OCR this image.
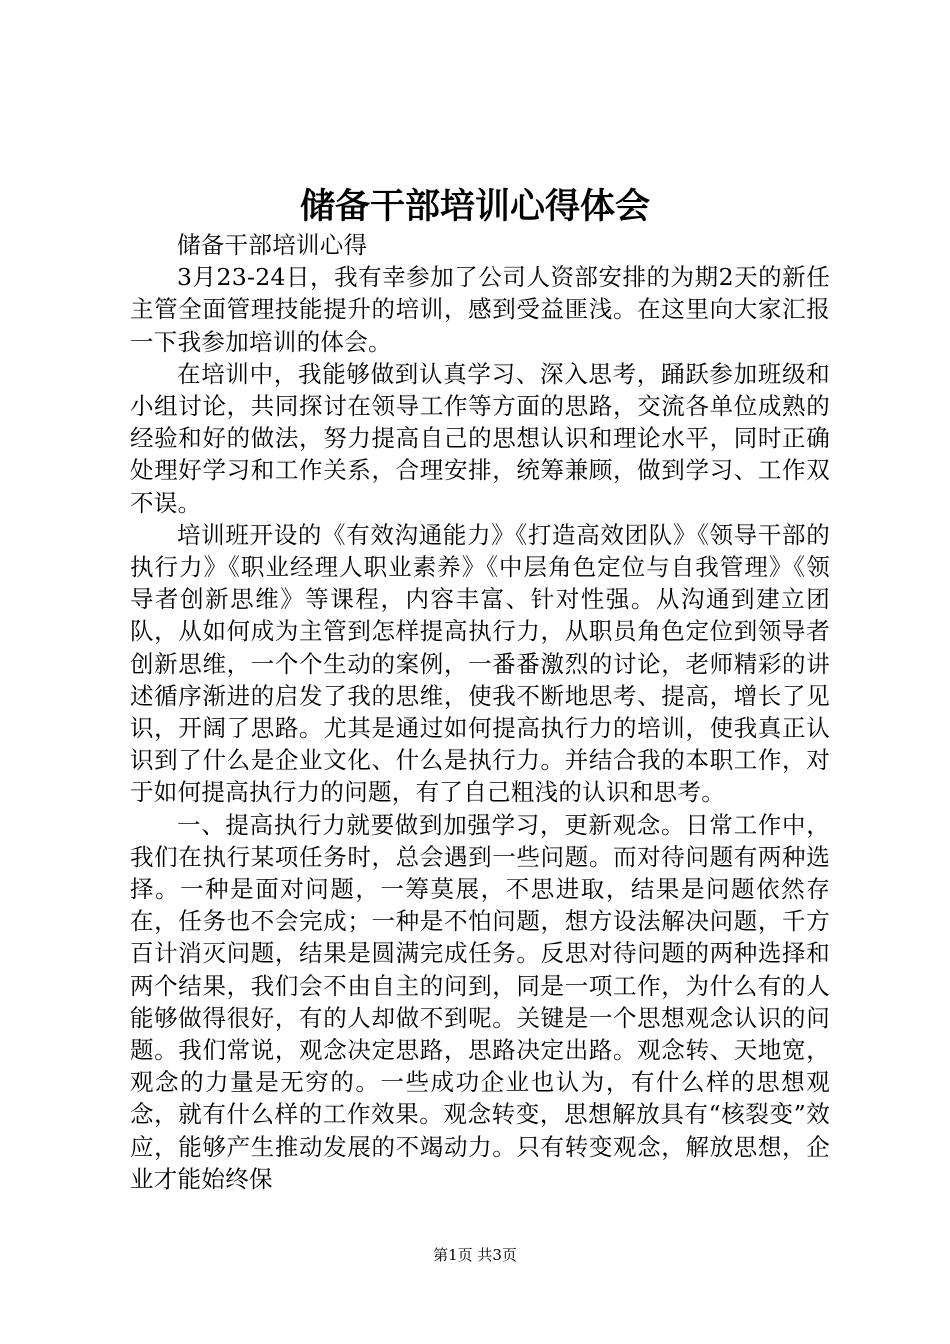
储备干部培训心得体会

储备干部培训心得

3月23-24日，我有幸参加了公司人资部安排的为期2天的新任主管全面管理技能提升的培训，感到受益匪浅。在这里向大家汇报一下我参加培训的体会。

在培训中，我能够做到认真学习、深入思考，踊跃参加班级和小组讨论，共同探讨在领导工作等方面的思路，交流各单位成熟的经验和好的做法，努力提高自己的思想认识和理论水平，同时正确处理好学习和工作关系，合理安排，统筹兼顾，做到学习、工作双不误。

培训班开设的《有效沟通能力》《打造高效团队》《领导干部的执行力》《职业经理人职业素养》《中层角色定位与自我管理》《领导者创新思维》等课程，内容丰富、针对性强。从沟通到建立团队，从如何成为主管到怎样提高执行力，从职员角色定位到领导者创新思维，一个个生动的案例，一番番激烈的讨论，老师精彩的讲述循序渐进的启发了我的思维，使我不断地思考、提高，增长了见识，开阔了思路。尤其是通过如何提高执行力的培训，使我真正认识到了什么是企业文化、什么是执行力。并结合我的本职工作，对于如何提高执行力的问题，有了自己粗浅的认识和思考。

一、提高执行力就要做到加强学习，更新观念。日常工作中，我们在执行某项任务时，总会遇到一些问题。而对待问题有两种选择。一种是面对问题，一筹莫展，不思进取，结果是问题依然存在，任务也不会完成；一种是不怕问题，想方设法解决问题，千方百计消灭问题，结果是圆满完成任务。反思对待问题的两种选择和两个结果，我们会不由自主的问到，同是一项工作，为什么有的人能够做得很好，有的人却做不到呢。关键是一个思想观念认识的问题。我们常说，观念决定思路，思路决定出路。观念转、天地宽，观念的力量是无穷的。一些成功企业也认为，有什么样的思想观念，就有什么样的工作效果。观念转变，思想解放具有“核裂变”效应，能够产生推动发展的不竭动力。只有转变观念，解放思想，企业才能始终保

第1页 共3页
